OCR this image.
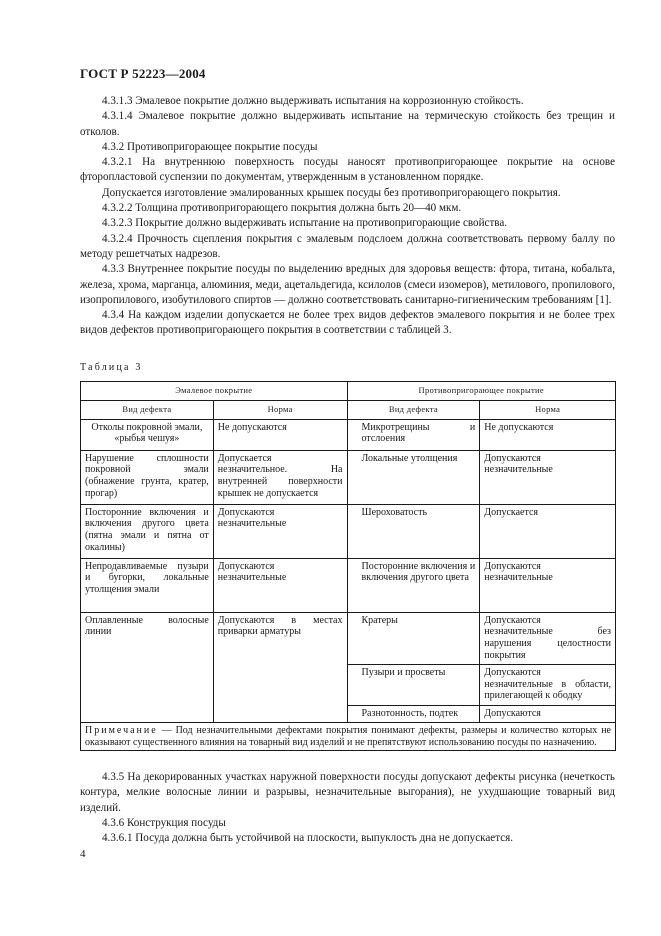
ГОСТ Р 52223—2004

4.3.1.3 Эмалевое покрытие должно выдерживать испытания на коррозионную стойкость.

4.3.1.4 Эмалевое покрытие должно выдерживать испытание на термическую стойкость без трещин и отколов.

4.3.2 Противопригорающее покрытие посуды

4.3.2.1 На внутреннюю поверхность посуды наносят противопригорающее покрытие на основе фторопластовой суспензии по документам, утвержденным в установленном порядке.

Допускается изготовление эмалированных крышек посуды без противопригорающего покрытия.

4.3.2.2 Толщина противопригорающего покрытия должна быть 20—40 мкм.

4.3.2.3 Покрытие должно выдерживать испытание на противопригорающие свойства.

4.3.2.4 Прочность сцепления покрытия с эмалевым подслоем должна соответствовать первому баллу по методу решетчатых надрезов.

4.3.3 Внутреннее покрытие посуды по выделению вредных для здоровья веществ: фтора, титана, кобальта, железа, хрома, марганца, алюминия, меди, ацетальдегида, ксилолов (смеси изомеров), метилового, пропилового, изопропилового, изобутилового спиртов — должно соответствовать санитарно-гигиеническим требованиям [1].

4.3.4 На каждом изделии допускается не более трех видов дефектов эмалевого покрытия и не более трех видов дефектов противопригорающего покрытия в соответствии с таблицей 3.

Таблица 3
Эмалевое покрытие		Противопригорающее покрытие	
Вид дефекта	Норма	Вид дефекта	Норма
Отколы покровной эмали, «рыбья чешуя»	Не допускаются	Микротрещины и отслоения	Не допускаются
Нарушение сплошности покровной эмали (обнажение грунта, кратер, прогар)	Допускается незначительное. На внутренней поверхности крышек не допускается	Локальные утолщения	Допускаются незначительные
Посторонние включения и включения другого цвета (пятна эмали и пятна от окалины)	Допускаются незначительные	Шероховатость	Допускается
Непродавливаемые пузыри и бугорки, локальные утолщения эмали	Допускаются незначительные	Посторонние включения и включения другого цвета	Допускаются незначительные
Оплавленные волосные линии	Допускаются в местах приварки арматуры	Кратеры	Допускаются незначительные без нарушения целостности покрытия
		Пузыри и просветы	Допускаются незначительные в области, прилегающей к ободку
		Разнотонность, подтек	Допускаются
Примечание — Под незначительными дефектами покрытия понимают дефекты, размеры и количество которых не оказывают существенного влияния на товарный вид изделий и не препятствуют использованию посуды по назначению.			

4.3.5 На декорированных участках наружной поверхности посуды допускают дефекты рисунка (нечеткость контура, мелкие волосные линии и разрывы, незначительные выгорания), не ухудшающие товарный вид изделий.

4.3.6 Конструкция посуды

4.3.6.1 Посуда должна быть устойчивой на плоскости, выпуклость дна не допускается.

4
